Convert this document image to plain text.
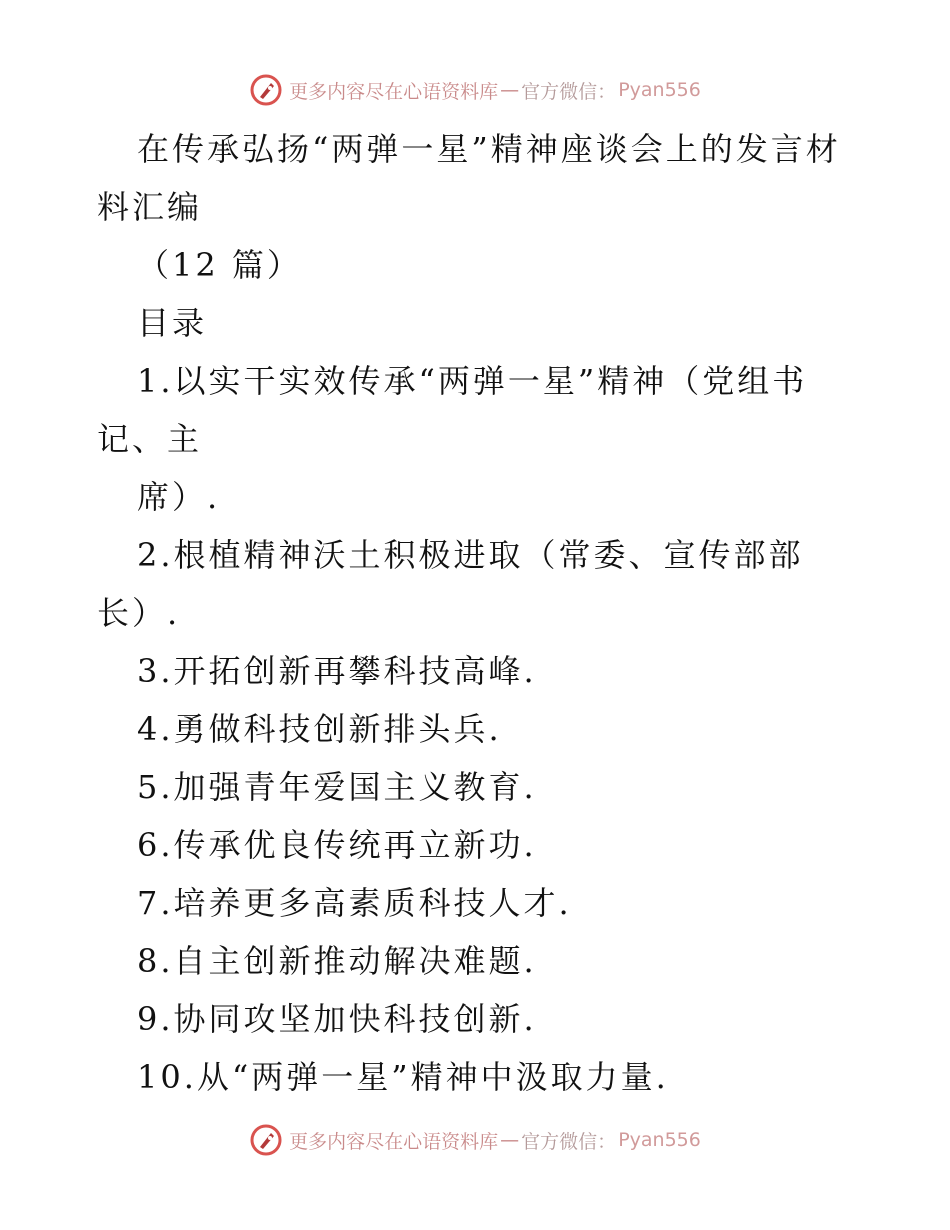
更多内容尽在心语资料库 — 官方微信： Pyan556
在传承弘扬“两弹一星”精神座谈会上的发言材
料汇编
（12 篇）
目录
1.以实干实效传承“两弹一星”精神（党组书
记、主
席）.
2.根植精神沃土积极进取（常委、宣传部部
长）.
3.开拓创新再攀科技高峰.
4.勇做科技创新排头兵.
5.加强青年爱国主义教育.
6.传承优良传统再立新功.
7.培养更多高素质科技人才.
8.自主创新推动解决难题.
9.协同攻坚加快科技创新.
10.从“两弹一星”精神中汲取力量.
更多内容尽在心语资料库 — 官方微信： Pyan556
